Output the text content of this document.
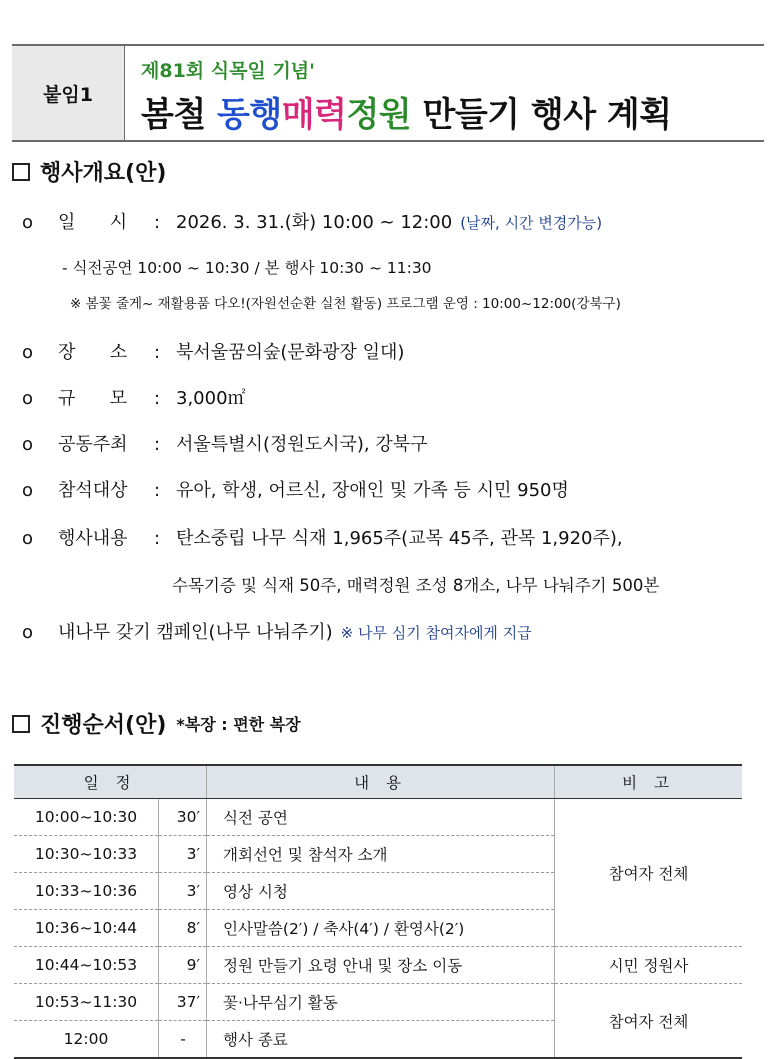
붙임1
제81회 식목일 기념'
봄철 동행매력정원 만들기 행사 계획
행사개요(안)
o	일      시	: 2026. 3. 31.(화) 10:00 ~ 12:00 (날짜, 시간 변경가능)
- 식전공연 10:00 ~ 10:30 / 본 행사 10:30 ~ 11:30
※ 봄꽃 줄게~ 재활용품 다오!(자원선순환 실천 활동) 프로그램 운영 : 10:00~12:00(강북구)
o	장      소	: 북서울꿈의숲(문화광장 일대)
o	규      모	: 3,000㎡
o	공동주최	: 서울특별시(정원도시국), 강북구
o	참석대상	: 유아, 학생, 어르신, 장애인 및 가족 등 시민 950명
o	행사내용	: 탄소중립 나무 식재 1,965주(교목 45주, 관목 1,920주),
수목기증 및 식재 50주, 매력정원 조성 8개소, 나무 나눠주기 500본
o	내나무 갖기 캠페인(나무 나눠주기) ※ 나무 심기 참여자에게 지급
진행순서(안) *복장 : 편한 복장
일 정		내 용	비 고
10:00~10:30	30′	식전 공연	참여자 전체
10:30~10:33	3′	개회선언 및 참석자 소개	
10:33~10:36	3′	영상 시청	
10:36~10:44	8′	인사말씀(2′) / 축사(4′) / 환영사(2′)	
10:44~10:53	9′	정원 만들기 요령 안내 및 장소 이동	시민 정원사
10:53~11:30	37′	꽃·나무심기 활동	참여자 전체
12:00	-	행사 종료	
